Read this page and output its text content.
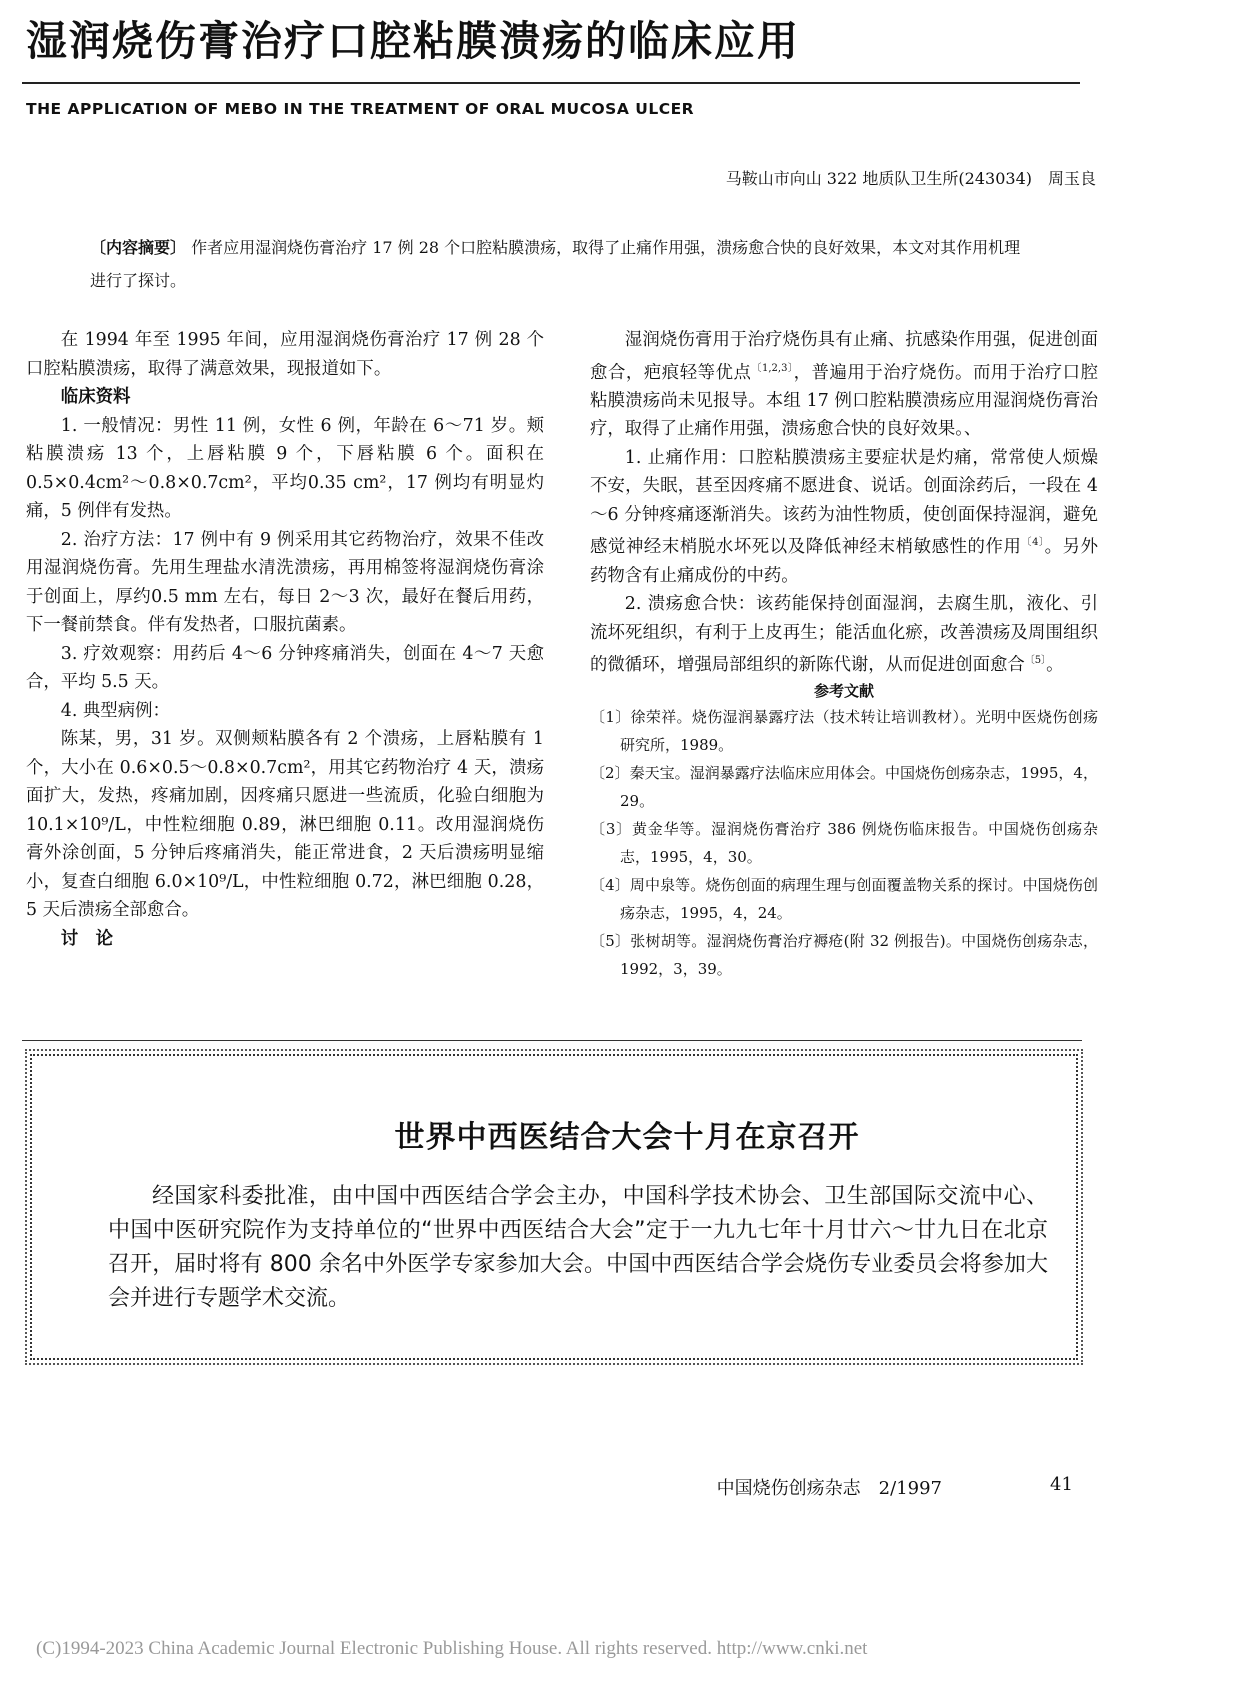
湿润烧伤膏治疗口腔粘膜溃疡的临床应用
THE APPLICATION OF MEBO IN THE TREATMENT OF ORAL MUCOSA ULCER
马鞍山市向山 322 地质队卫生所(243034)　周玉良
〔内容摘要〕 作者应用湿润烧伤膏治疗 17 例 28 个口腔粘膜溃疡，取得了止痛作用强，溃疡愈合快的良好效果，本文对其作用机理进行了探讨。

在 1994 年至 1995 年间，应用湿润烧伤膏治疗 17 例 28 个口腔粘膜溃疡，取得了满意效果，现报道如下。

临床资料

1. 一般情况：男性 11 例，女性 6 例，年龄在 6～71 岁。颊粘膜溃疡 13 个，上唇粘膜 9 个，下唇粘膜 6 个。面积在 0.5×0.4cm²～0.8×0.7cm²，平均0.35 cm²，17 例均有明显灼痛，5 例伴有发热。

2. 治疗方法：17 例中有 9 例采用其它药物治疗，效果不佳改用湿润烧伤膏。先用生理盐水清洗溃疡，再用棉签将湿润烧伤膏涂于创面上，厚约0.5 mm 左右，每日 2～3 次，最好在餐后用药，下一餐前禁食。伴有发热者，口服抗菌素。

3. 疗效观察：用药后 4～6 分钟疼痛消失，创面在 4～7 天愈合，平均 5.5 天。

4. 典型病例：

陈某，男，31 岁。双侧颊粘膜各有 2 个溃疡，上唇粘膜有 1 个，大小在 0.6×0.5～0.8×0.7cm²，用其它药物治疗 4 天，溃疡面扩大，发热，疼痛加剧，因疼痛只愿进一些流质，化验白细胞为 10.1×10⁹/L，中性粒细胞 0.89，淋巴细胞 0.11。改用湿润烧伤膏外涂创面，5 分钟后疼痛消失，能正常进食，2 天后溃疡明显缩小，复查白细胞 6.0×10⁹/L，中性粒细胞 0.72，淋巴细胞 0.28，5 天后溃疡全部愈合。

讨　论

湿润烧伤膏用于治疗烧伤具有止痛、抗感染作用强，促进创面愈合，疤痕轻等优点$^{〔1,2,3〕}$，普遍用于治疗烧伤。而用于治疗口腔粘膜溃疡尚未见报导。本组 17 例口腔粘膜溃疡应用湿润烧伤膏治疗，取得了止痛作用强，溃疡愈合快的良好效果。、

1. 止痛作用：口腔粘膜溃疡主要症状是灼痛，常常使人烦燥不安，失眠，甚至因疼痛不愿进食、说话。创面涂药后，一段在 4～6 分钟疼痛逐渐消失。该药为油性物质，使创面保持湿润，避免感觉神经末梢脱水坏死以及降低神经末梢敏感性的作用$^{〔4〕}$。另外药物含有止痛成份的中药。

2. 溃疡愈合快：该药能保持创面湿润，去腐生肌，液化、引流坏死组织，有利于上皮再生；能活血化瘀，改善溃疡及周围组织的微循环，增强局部组织的新陈代谢，从而促进创面愈合$^{〔5〕}$。

参考文献
〔1〕徐荣祥。烧伤湿润暴露疗法（技术转让培训教材）。光明中医烧伤创疡研究所，1989。
〔2〕秦天宝。湿润暴露疗法临床应用体会。中国烧伤创疡杂志，1995，4，29。
〔3〕黄金华等。湿润烧伤膏治疗 386 例烧伤临床报告。中国烧伤创疡杂志，1995，4，30。
〔4〕周中泉等。烧伤创面的病理生理与创面覆盖物关系的探讨。中国烧伤创疡杂志，1995，4，24。
〔5〕张树胡等。湿润烧伤膏治疗褥疮(附 32 例报告)。中国烧伤创疡杂志，1992，3，39。
世界中西医结合大会十月在京召开
经国家科委批准，由中国中西医结合学会主办，中国科学技术协会、卫生部国际交流中心、中国中医研究院作为支持单位的“世界中西医结合大会”定于一九九七年十月廿六～廿九日在北京召开，届时将有 800 余名中外医学专家参加大会。中国中西医结合学会烧伤专业委员会将参加大会并进行专题学术交流。
中国烧伤创疡杂志　2/1997	41
(C)1994-2023 China Academic Journal Electronic Publishing House. All rights reserved. http://www.cnki.net
